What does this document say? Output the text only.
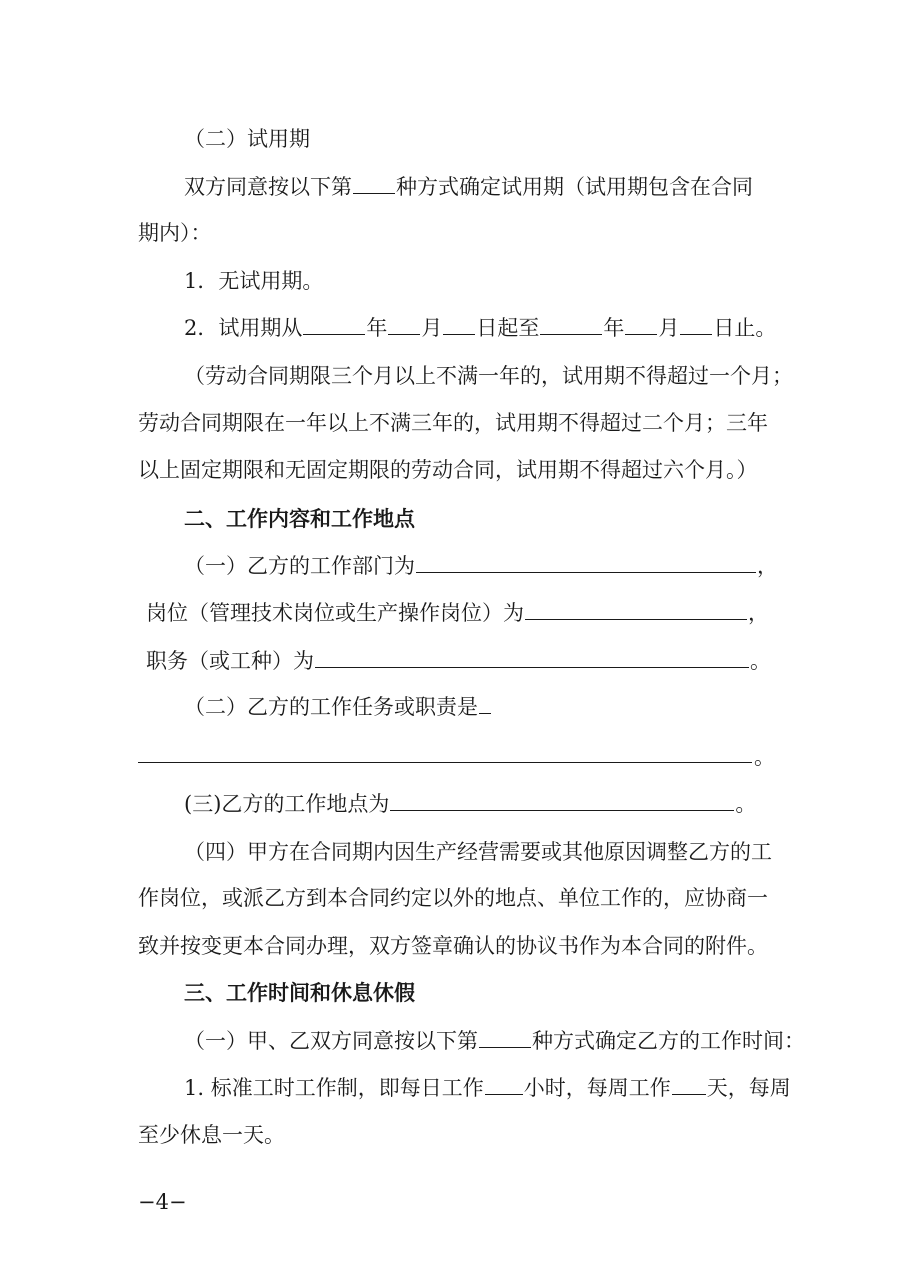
（二）试用期
双方同意按以下第 种方式确定试用期（试用期包含在合同
期内）：
1．无试用期。
2．试用期从	年 月 日起至	年 月 日止。
（劳动合同期限三个月以上不满一年的，试用期不得超过一个月；
劳动合同期限在一年以上不满三年的，试用期不得超过二个月；三年
以上固定期限和无固定期限的劳动合同，试用期不得超过六个月。）
二、工作内容和工作地点
（一）乙方的工作部门为	，
岗位（管理技术岗位或生产操作岗位）为	，
职务（或工种）为	。
（二）乙方的工作任务或职责是
。
(三)乙方的工作地点为	。
（四）甲方在合同期内因生产经营需要或其他原因调整乙方的工
作岗位，或派乙方到本合同约定以外的地点、单位工作的，应协商一
致并按变更本合同办理，双方签章确认的协议书作为本合同的附件。
三、工作时间和休息休假
（一）甲、乙双方同意按以下第	种方式确定乙方的工作时间：
1. 标准工时工作制，即每日工作 小时，每周工作 天，每周
至少休息一天。
−4−
